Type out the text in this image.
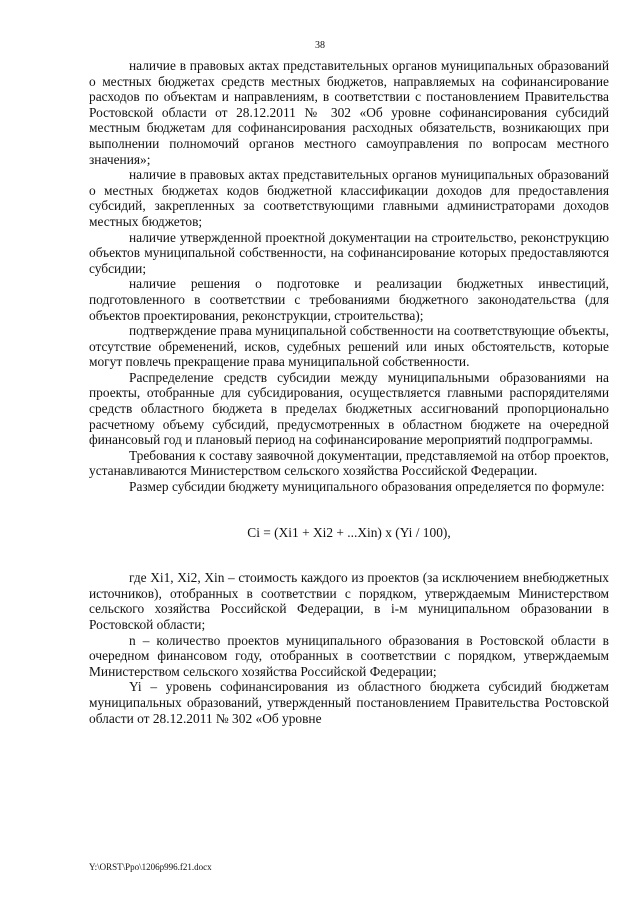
38

наличие в правовых актах представительных органов муниципальных образований о местных бюджетах средств местных бюджетов, направляемых на софинансирование расходов по объектам и направлениям, в соответствии с постановлением Правительства Ростовской области от 28.12.2011 № 302 «Об уровне софинансирования субсидий местным бюджетам для софинансирования расходных обязательств, возникающих при выполнении полномочий органов местного самоуправления по вопросам местного значения»;

наличие в правовых актах представительных органов муниципальных образований о местных бюджетах кодов бюджетной классификации доходов для предоставления субсидий, закрепленных за соответствующими главными администраторами доходов местных бюджетов;

наличие утвержденной проектной документации на строительство, реконструкцию объектов муниципальной собственности, на софинансирование которых предоставляются субсидии;

наличие решения о подготовке и реализации бюджетных инвестиций, подготовленного в соответствии с требованиями бюджетного законодательства (для объектов проектирования, реконструкции, строительства);

подтверждение права муниципальной собственности на соответствующие объекты, отсутствие обременений, исков, судебных решений или иных обстоятельств, которые могут повлечь прекращение права муниципальной собственности.

Распределение средств субсидии между муниципальными образованиями на проекты, отобранные для субсидирования, осуществляется главными распорядителями средств областного бюджета в пределах бюджетных ассигнований пропорционально расчетному объему субсидий, предусмотренных в областном бюджете на очередной финансовый год и плановый период на софинансирование мероприятий подпрограммы.

Требования к составу заявочной документации, представляемой на отбор проектов, устанавливаются Министерством сельского хозяйства Российской Федерации.

Размер субсидии бюджету муниципального образования определяется по формуле:

Ci = (Xi1 + Xi2 + ...Xin) x (Yi / 100),

где Xi1, Xi2, Xin – стоимость каждого из проектов (за исключением внебюджетных источников), отобранных в соответствии с порядком, утверждаемым Министерством сельского хозяйства Российской Федерации, в i-м муниципальном образовании в Ростовской области;

n – количество проектов муниципального образования в Ростовской области в очередном финансовом году, отобранных в соответствии с порядком, утверждаемым Министерством сельского хозяйства Российской Федерации;

Yi – уровень софинансирования из областного бюджета субсидий бюджетам муниципальных образований, утвержденный постановлением Правительства Ростовской области от 28.12.2011 № 302 «Об уровне

Y:\ORST\Ppo\1206p996.f21.docx
